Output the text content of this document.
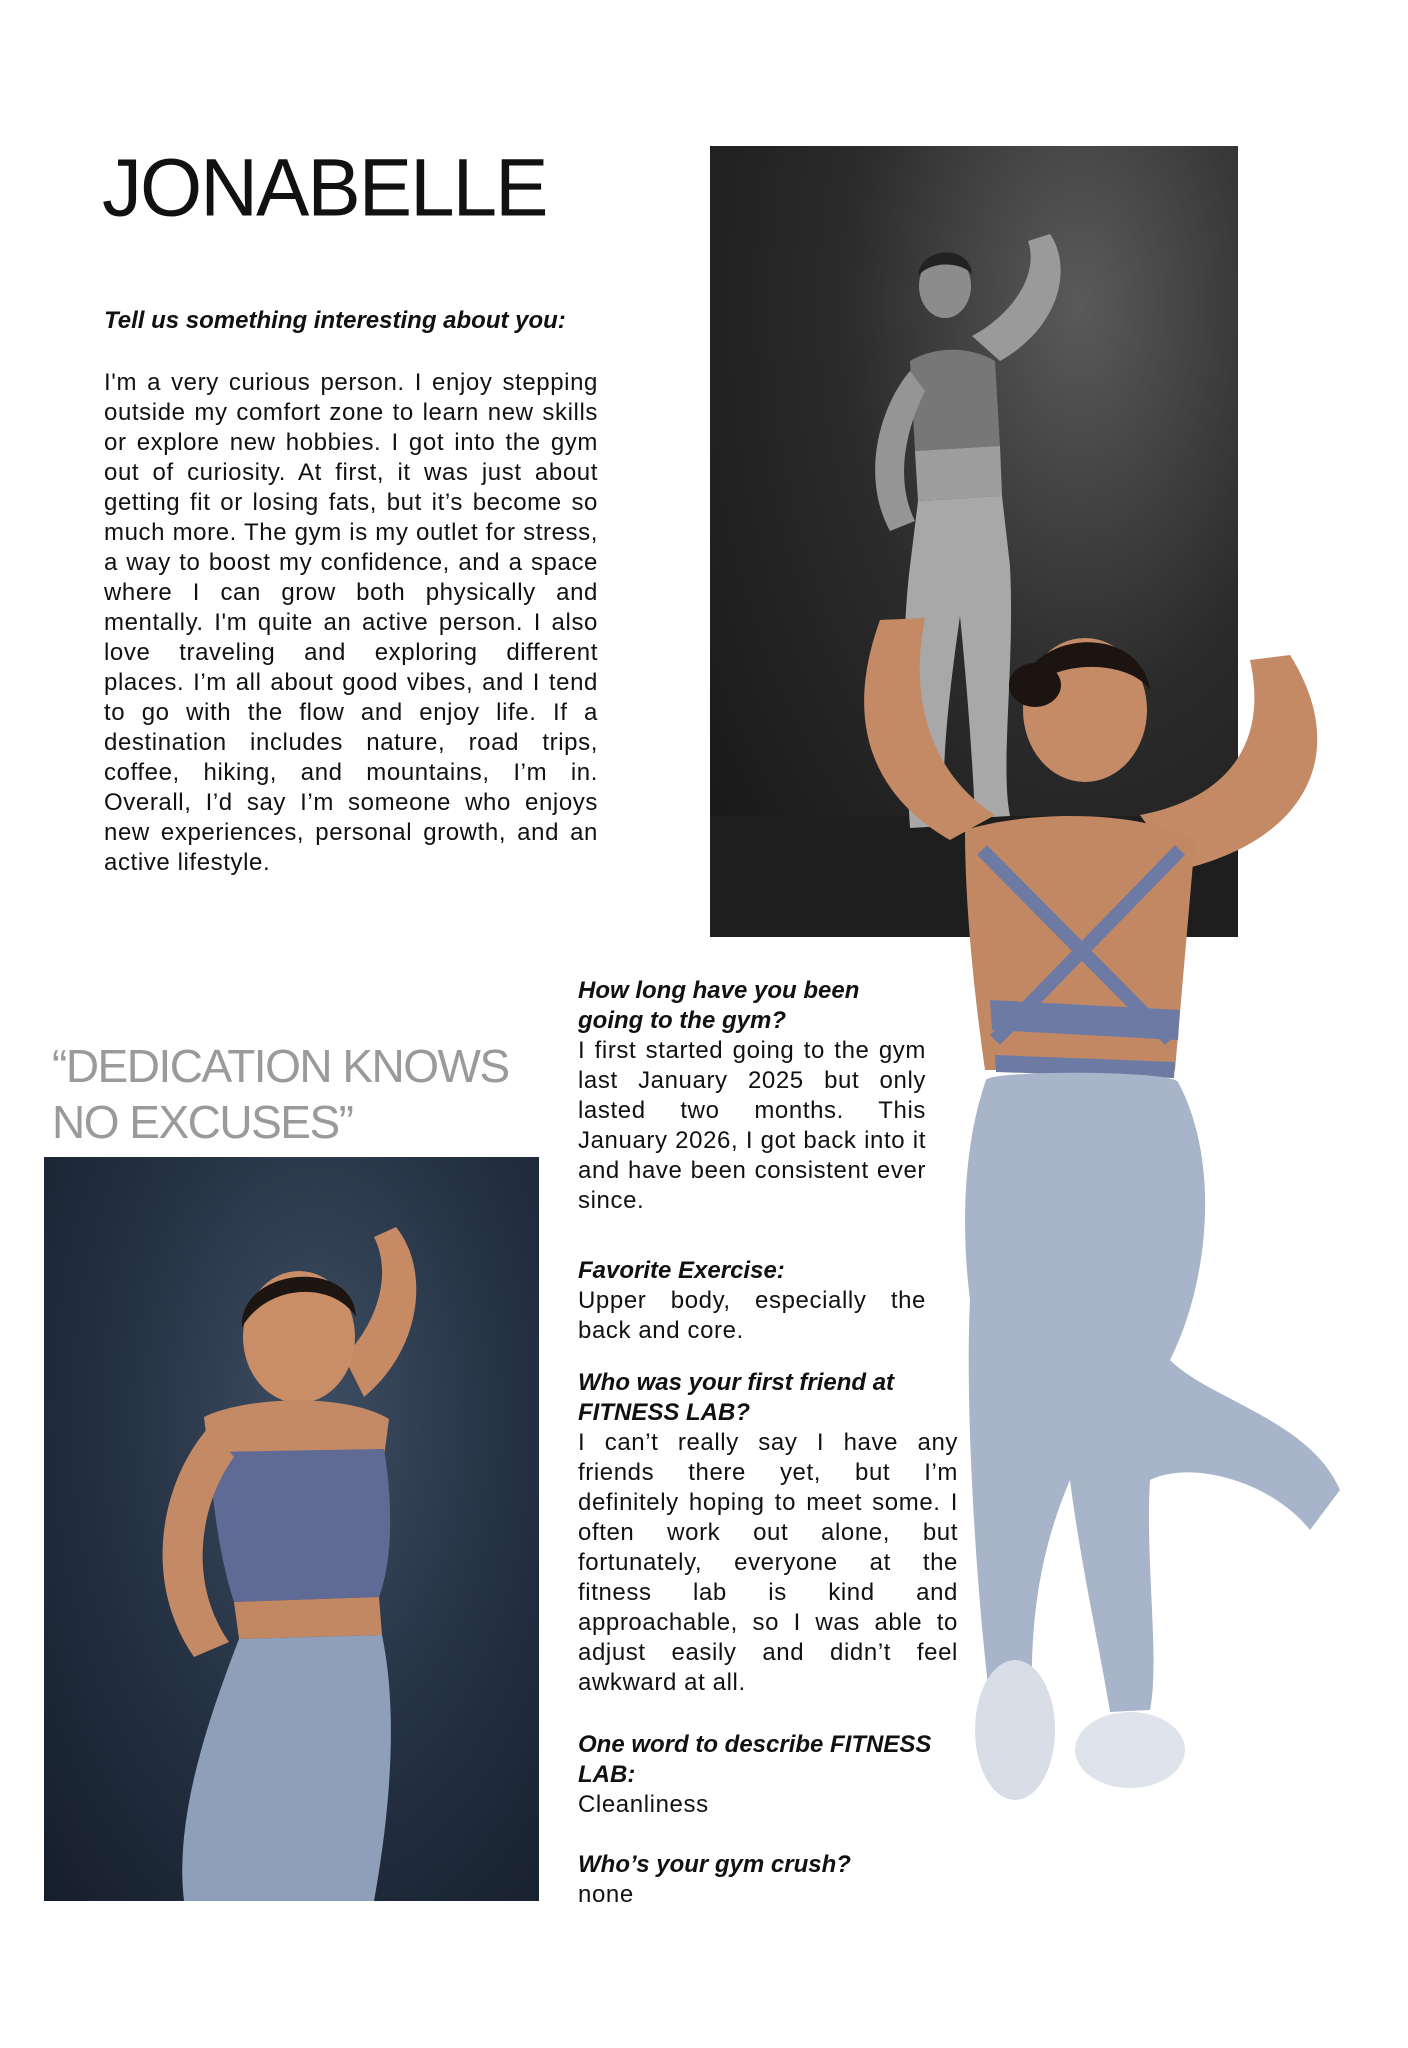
JONABELLE

Tell us something interesting about you:

I'm a very curious person. I enjoy stepping outside my comfort zone to learn new skills or explore new hobbies. I got into the gym out of curiosity. At first, it was just about getting fit or losing fats, but it’s become so much more. The gym is my outlet for stress, a way to boost my confidence, and a space where I can grow both physically and mentally. I'm quite an active person. I also love traveling and exploring different places. I’m all about good vibes, and I tend to go with the flow and enjoy life. If a destination includes nature, road trips, coffee, hiking, and mountains, I’m in. Overall, I’d say I’m someone who enjoys new experiences, personal growth, and an active lifestyle.

“DEDICATION KNOWS
NO EXCUSES”

How long have you been going to the gym?

I first started going to the gym last January 2025 but only lasted two months. This January 2026, I got back into it and have been consistent ever since.

Favorite Exercise:

Upper body, especially the back and core.

Who was your first friend at FITNESS LAB?

I can’t really say I have any friends there yet, but I’m definitely hoping to meet some. I often work out alone, but fortunately, everyone at the fitness lab is kind and approachable, so I was able to adjust easily and didn’t feel awkward at all.

One word to describe FITNESS LAB:

Cleanliness

Who’s your gym crush?

none
